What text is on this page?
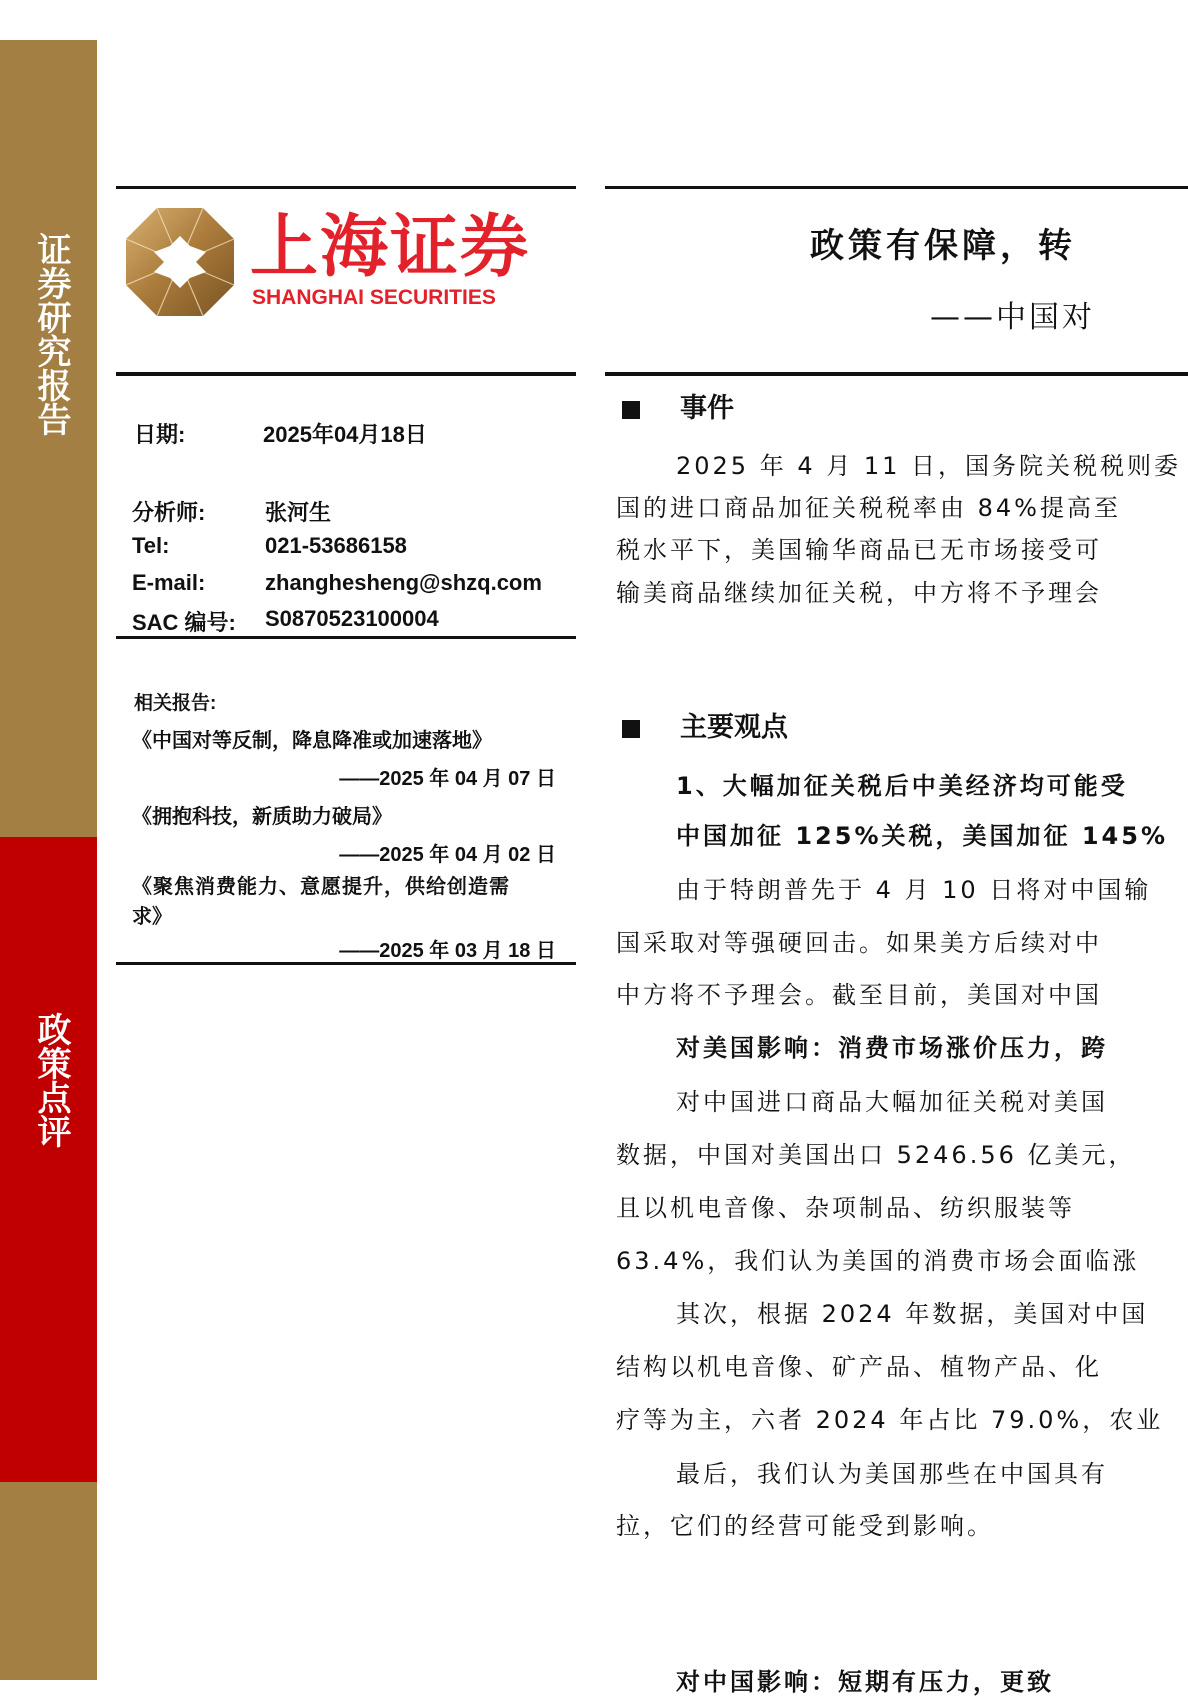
证券研究报告
政策点评
上海证券
SHANGHAI SECURITIES
政策有保障，转
——中国对
日期:	2025年04月18日
分析师:	张河生
Tel:	021-53686158
E-mail:	zhanghesheng@shzq.com
SAC 编号: S0870523100004
相关报告:
《中国对等反制，降息降准或加速落地》
——2025 年 04 月 07 日
《拥抱科技，新质助力破局》
——2025 年 04 月 02 日
《聚焦消费能力、意愿提升，供给创造需
求》
——2025 年 03 月 18 日
事件
2025 年 4 月 11 日，国务院关税税则委
国的进口商品加征关税税率由 84%提高至
税水平下，美国输华商品已无市场接受可
输美商品继续加征关税，中方将不予理会
主要观点
1、大幅加征关税后中美经济均可能受
中国加征 125%关税，美国加征 145%
由于特朗普先于 4 月 10 日将对中国输
国采取对等强硬回击。如果美方后续对中
中方将不予理会。截至目前，美国对中国
对美国影响：消费市场涨价压力，跨
对中国进口商品大幅加征关税对美国
数据，中国对美国出口 5246.56 亿美元，
且以机电音像、杂项制品、纺织服装等
63.4%，我们认为美国的消费市场会面临涨
其次，根据 2024 年数据，美国对中国
结构以机电音像、矿产品、植物产品、化
疗等为主，六者 2024 年占比 79.0%，农业
最后，我们认为美国那些在中国具有
拉，它们的经营可能受到影响。
对中国影响：短期有压力，更致
